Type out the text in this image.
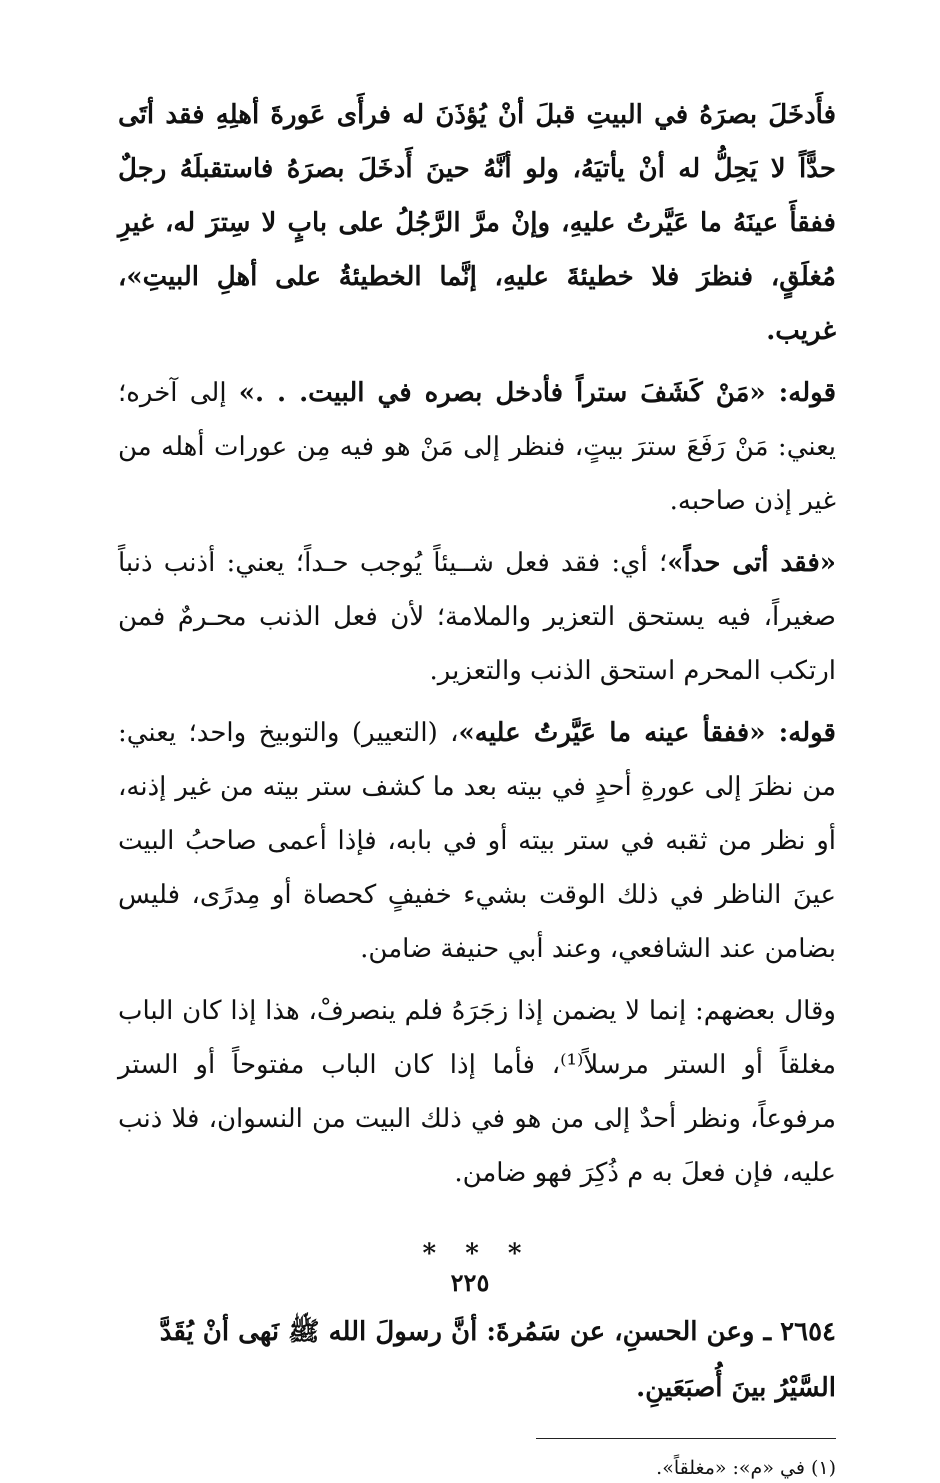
فأَدخَلَ بصرَهُ في البيتِ قبلَ أنْ يُؤذَنَ له فرأَى عَورةَ أهلِهِ فقد أتَى حدًّاً لا يَحِلُّ له أنْ يأتيَهُ، ولو أنَّهُ حينَ أَدخَلَ بصرَهُ فاستقبلَهُ رجلٌ ففقأَ عينَهُ ما عَيَّرتُ عليهِ، وإنْ مرَّ الرَّجُلُ على بابٍ لا سِترَ له، غيرِ مُغلَقٍ، فنظرَ فلا خطيئةَ عليهِ، إنَّما الخطيئةُ على أهلِ البيتِ»، غريب.

قوله: «مَنْ كَشَفَ ستراً فأدخل بصره في البيت. . .» إلى آخره؛ يعني: مَنْ رَفَعَ سترَ بيتٍ، فنظر إلى مَنْ هو فيه مِن عورات أهله من غير إذن صاحبه.

«فقد أتى حداً»؛ أي: فقد فعل شــيئاً يُوجب حـداً؛ يعني: أذنب ذنباً صغيراً، فيه يستحق التعزير والملامة؛ لأن فعل الذنب محـرمٌ فمن ارتكب المحرم استحق الذنب والتعزير.

قوله: «ففقأ عينه ما عَيَّرتُ عليه»، (التعيير) والتوبيخ واحد؛ يعني: من نظرَ إلى عورةِ أحدٍ في بيته بعد ما كشف ستر بيته من غير إذنه، أو نظر من ثقبه في ستر بيته أو في بابه، فإذا أعمى صاحبُ البيت عينَ الناظر في ذلك الوقت بشيء خفيفٍ كحصاة أو مِدرًى، فليس بضامن عند الشافعي، وعند أبي حنيفة ضامن.

وقال بعضهم: إنما لا يضمن إذا زجَرَهُ فلم ينصرفْ، هذا إذا كان الباب مغلقاً أو الستر مرسلاً⁽¹⁾، فأما إذا كان الباب مفتوحاً أو الستر مرفوعاً، ونظر أحدٌ إلى من هو في ذلك البيت من النسوان، فلا ذنب عليه، فإن فعلَ به م ذُكِرَ فهو ضامن.

* * *

٢٦٥٤ ـ وعن الحسنِ، عن سَمُرةَ: أنَّ رسولَ الله ﷺ نَهى أنْ يُقَدَّ السَّيْرُ بينَ أُصبَعَينِ.

(١) في «م»: «مغلقاً».

٢٢٥
